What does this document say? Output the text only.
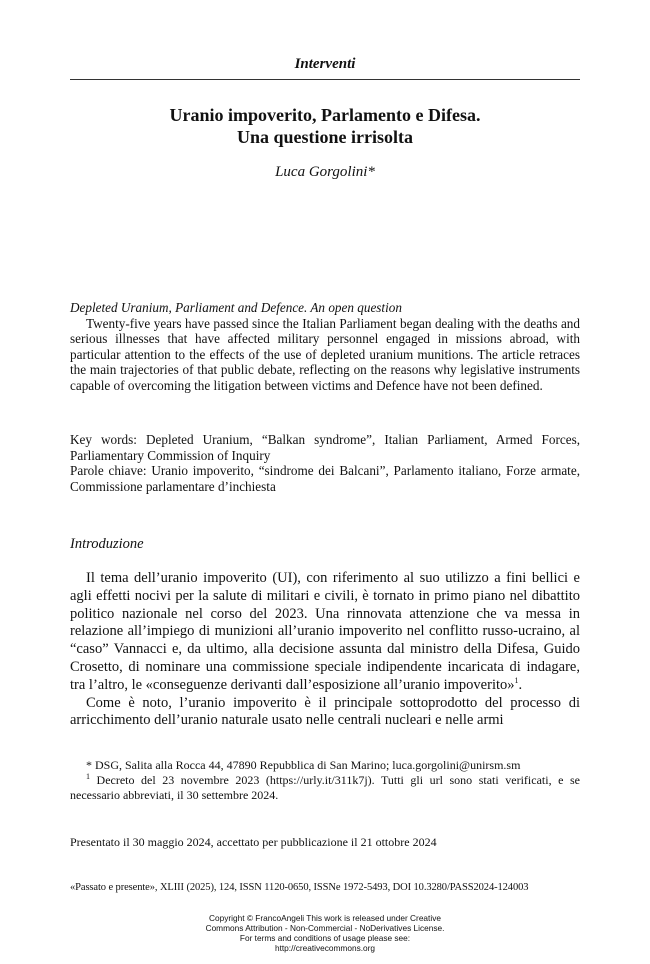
Interventi
Uranio impoverito, Parlamento e Difesa.
Una questione irrisolta
Luca Gorgolini*
Depleted Uranium, Parliament and Defence. An open question
Twenty-five years have passed since the Italian Parliament began dealing with the deaths and serious illnesses that have affected military personnel engaged in missions abroad, with particular attention to the effects of the use of depleted uranium munitions. The article retraces the main trajectories of that public debate, reflecting on the reasons why legislative instruments capable of overcoming the litigation between victims and Defence have not been defined.
Key words: Depleted Uranium, “Balkan syndrome”, Italian Parliament, Armed Forces, Parliamentary Commission of Inquiry
Parole chiave: Uranio impoverito, “sindrome dei Balcani”, Parlamento italiano, Forze armate, Commissione parlamentare d’inchiesta
Introduzione

Il tema dell’uranio impoverito (UI), con riferimento al suo utilizzo a fini bellici e agli effetti nocivi per la salute di militari e civili, è tornato in primo piano nel dibattito politico nazionale nel corso del 2023. Una rinnovata attenzione che va messa in relazione all’impiego di munizioni all’uranio impoverito nel conflitto russo-ucraino, al “caso” Vannacci e, da ultimo, alla decisione assunta dal ministro della Difesa, Guido Crosetto, di nominare una commissione speciale indipendente incaricata di indagare, tra l’altro, le «conseguenze derivanti dall’esposizione all’uranio impoverito»$^1$.

Come è noto, l’uranio impoverito è il principale sottoprodotto del processo di arricchimento dell’uranio naturale usato nelle centrali nucleari e nelle armi

* DSG, Salita alla Rocca 44, 47890 Repubblica di San Marino; luca.gorgolini@unirsm.sm

$^1$ Decreto del 23 novembre 2023 (https://urly.it/311k7j). Tutti gli url sono stati verificati, e se necessario abbreviati, il 30 settembre 2024.

Presentato il 30 maggio 2024, accettato per pubblicazione il 21 ottobre 2024
«Passato e presente», XLIII (2025), 124, ISSN 1120-0650, ISSNe 1972-5493, DOI 10.3280/PASS2024-124003
Copyright © FrancoAngeli This work is released under Creative
Commons Attribution - Non-Commercial - NoDerivatives License.
For terms and conditions of usage please see:
http://creativecommons.org
